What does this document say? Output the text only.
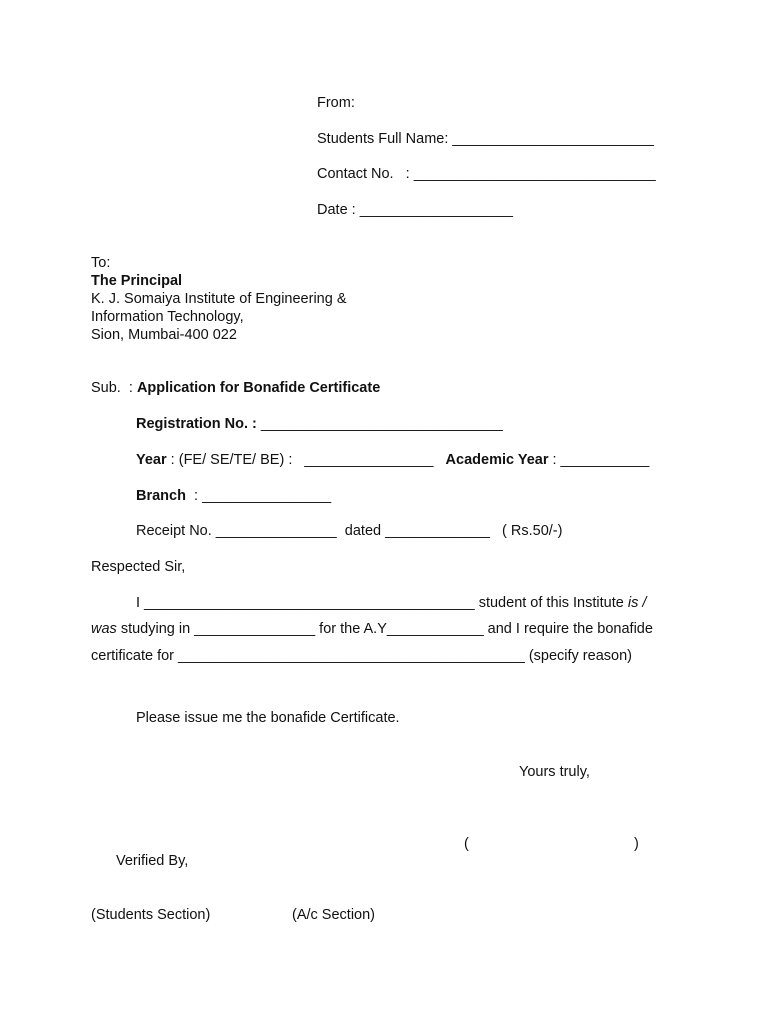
From:
Students Full Name: _________________________
Contact No.   : ______________________________
Date : ___________________
To:
The Principal
K. J. Somaiya Institute of Engineering &
Information Technology,
Sion, Mumbai-400 022
Sub.  : Application for Bonafide Certificate
Registration No. : ______________________________
Year : (FE/ SE/TE/ BE) :   ________________   Academic Year : ___________
Branch  : ________________
Receipt No. _______________  dated _____________   ( Rs.50/-)
Respected Sir,
I _________________________________________ student of this Institute is /
was studying in _______________ for the A.Y____________ and I require the bonafide
certificate for ___________________________________________ (specify reason)
Please issue me the bonafide Certificate.
Yours truly,
(	)
Verified By,
(Students Section)	(A/c Section)
